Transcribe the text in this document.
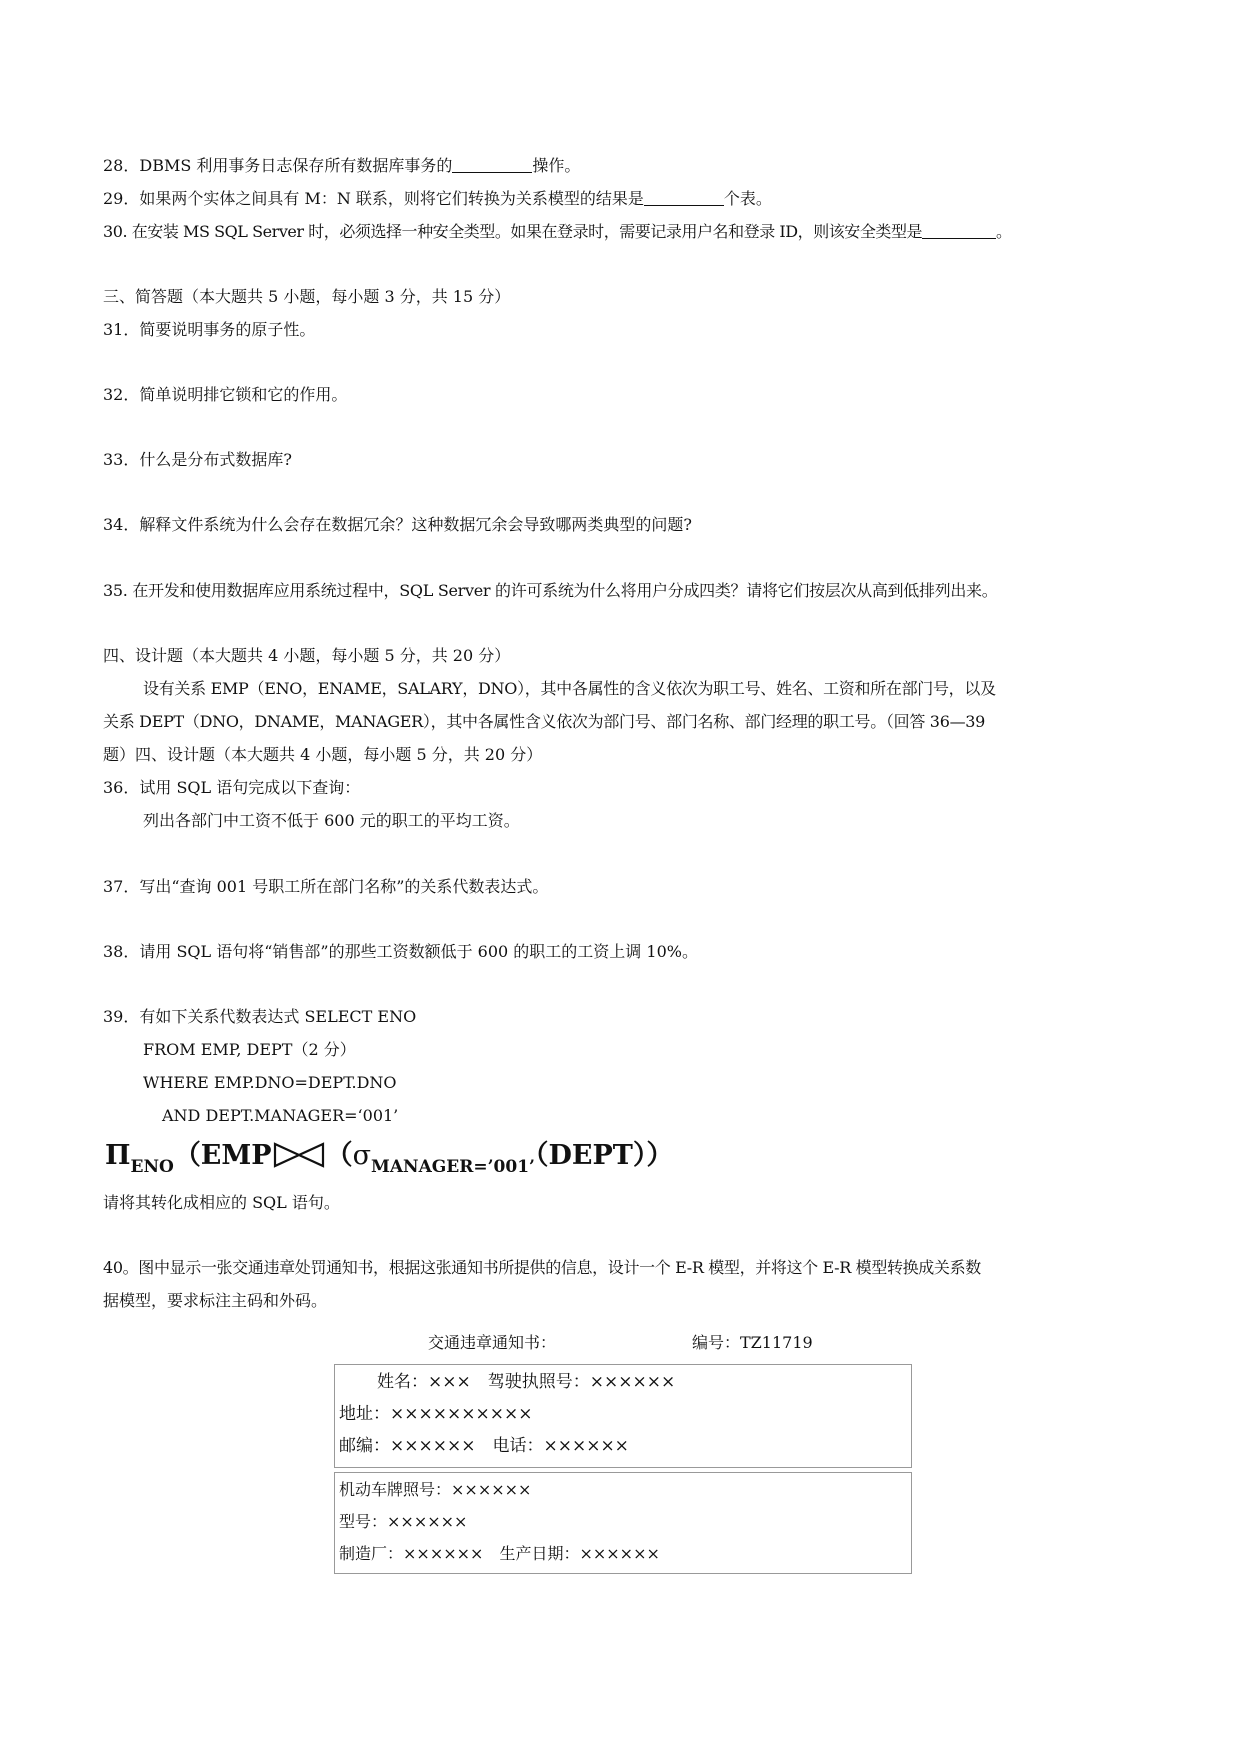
28．DBMS 利用事务日志保存所有数据库事务的	操作。
29．如果两个实体之间具有 M：N 联系，则将它们转换为关系模型的结果是	个表。
30. 在安装 MS SQL Server 时，必须选择一种安全类型。如果在登录时，需要记录用户名和登录 ID，则该安全类型是	。
三、简答题（本大题共 5 小题，每小题 3 分，共 15 分）
31．简要说明事务的原子性。
32．简单说明排它锁和它的作用。
33．什么是分布式数据库?
34．解释文件系统为什么会存在数据冗余？这种数据冗余会导致哪两类典型的问题?
35. 在开发和使用数据库应用系统过程中，SQL Server 的许可系统为什么将用户分成四类？请将它们按层次从高到低排列出来。
四、设计题（本大题共 4 小题，每小题 5 分，共 20 分）
设有关系 EMP（ENO，ENAME，SALARY，DNO），其中各属性的含义依次为职工号、姓名、工资和所在部门号，以及
关系 DEPT（DNO，DNAME，MANAGER），其中各属性含义依次为部门号、部门名称、部门经理的职工号。（回答 36—39
题）四、设计题（本大题共 4 小题，每小题 5 分，共 20 分）
36．试用 SQL 语句完成以下查询：
列出各部门中工资不低于 600 元的职工的平均工资。
37．写出“查询 001 号职工所在部门名称”的关系代数表达式。
38．请用 SQL 语句将“销售部”的那些工资数额低于 600 的职工的工资上调 10%。
39．有如下关系代数表达式 SELECT ENO
FROM EMP, DEPT（2 分）
WHERE EMP.DNO=DEPT.DNO
AND DEPT.MANAGER=‘001’
$\Pi_{ENO}(EMP$ $(\sigma_{MANAGER=’001’}(DEPT))$
请将其转化成相应的 SQL 语句。
40。图中显示一张交通违章处罚通知书，根据这张通知书所提供的信息，设计一个 E-R 模型，并将这个 E-R 模型转换成关系数
据模型，要求标注主码和外码。
交通违章通知书：	编号：TZ11719
姓名：×××　驾驶执照号：××××××
地址：××××××××××
邮编：××××××　电话：××××××
机动车牌照号：××××××
型号：××××××
制造厂：××××××　生产日期：××××××
